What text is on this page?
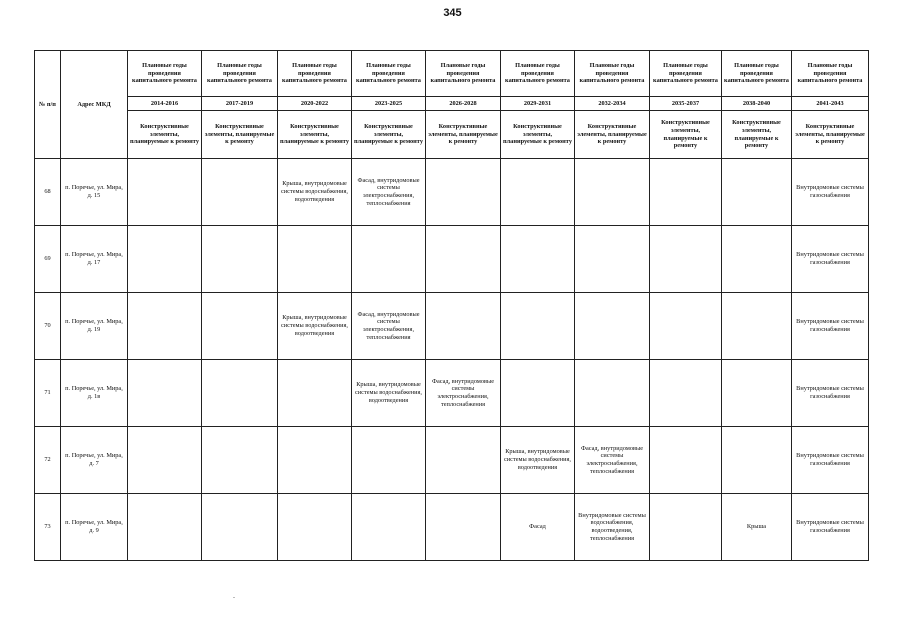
345
№ п/п	Адрес МКД	Плановые годы проведения капитального ремонта	Плановые годы проведения капитального ремонта	Плановые годы проведения капитального ремонта	Плановые годы проведения капитального ремонта	Плановые годы проведения капитального ремонта	Плановые годы проведения капитального ремонта	Плановые годы проведения капитального ремонта	Плановые годы проведения капитального ремонта	Плановые годы проведения капитального ремонта	Плановые годы проведения капитального ремонта
		2014-2016	2017-2019	2020-2022	2023-2025	2026-2028	2029-2031	2032-2034	2035-2037	2038-2040	2041-2043
		Конструктивные элементы, планируемые к ремонту	Конструктивные элементы, планируемые к ремонту	Конструктивные элементы, планируемые к ремонту	Конструктивные элементы, планируемые к ремонту	Конструктивные элементы, планируемые к ремонту	Конструктивные элементы, планируемые к ремонту	Конструктивные элементы, планируемые к ремонту	Конструктивные элементы, планируемые к ремонту	Конструктивные элементы, планируемые к ремонту	Конструктивные элементы, планируемые к ремонту
68	п. Поречье, ул. Мира, д. 15			Крыша, внутридомовые системы водоснабжения, водоотведения	Фасад, внутридомовые системы электроснабжения, теплоснабжения						Внутридомовые системы газоснабжения
69	п. Поречье, ул. Мира, д. 17										Внутридомовые системы газоснабжения
70	п. Поречье, ул. Мира, д. 19			Крыша, внутридомовые системы водоснабжения, водоотведения	Фасад, внутридомовые системы электроснабжения, теплоснабжения						Внутридомовые системы газоснабжения
71	п. Поречье, ул. Мира, д. 1в				Крыша, внутридомовые системы водоснабжения, водоотведения	Фасад, внутридомовые системы электроснабжения, теплоснабжения					Внутридомовые системы газоснабжения
72	п. Поречье, ул. Мира, д. 7						Крыша, внутридомовые системы водоснабжения, водоотведения	Фасад, внутридомовые системы электроснабжения, теплоснабжения			Внутридомовые системы газоснабжения
73	п. Поречье, ул. Мира, д. 9						Фасад	Внутридомовые системы водоснабжения, водоотведения, теплоснабжения		Крыша	Внутридомовые системы газоснабжения
